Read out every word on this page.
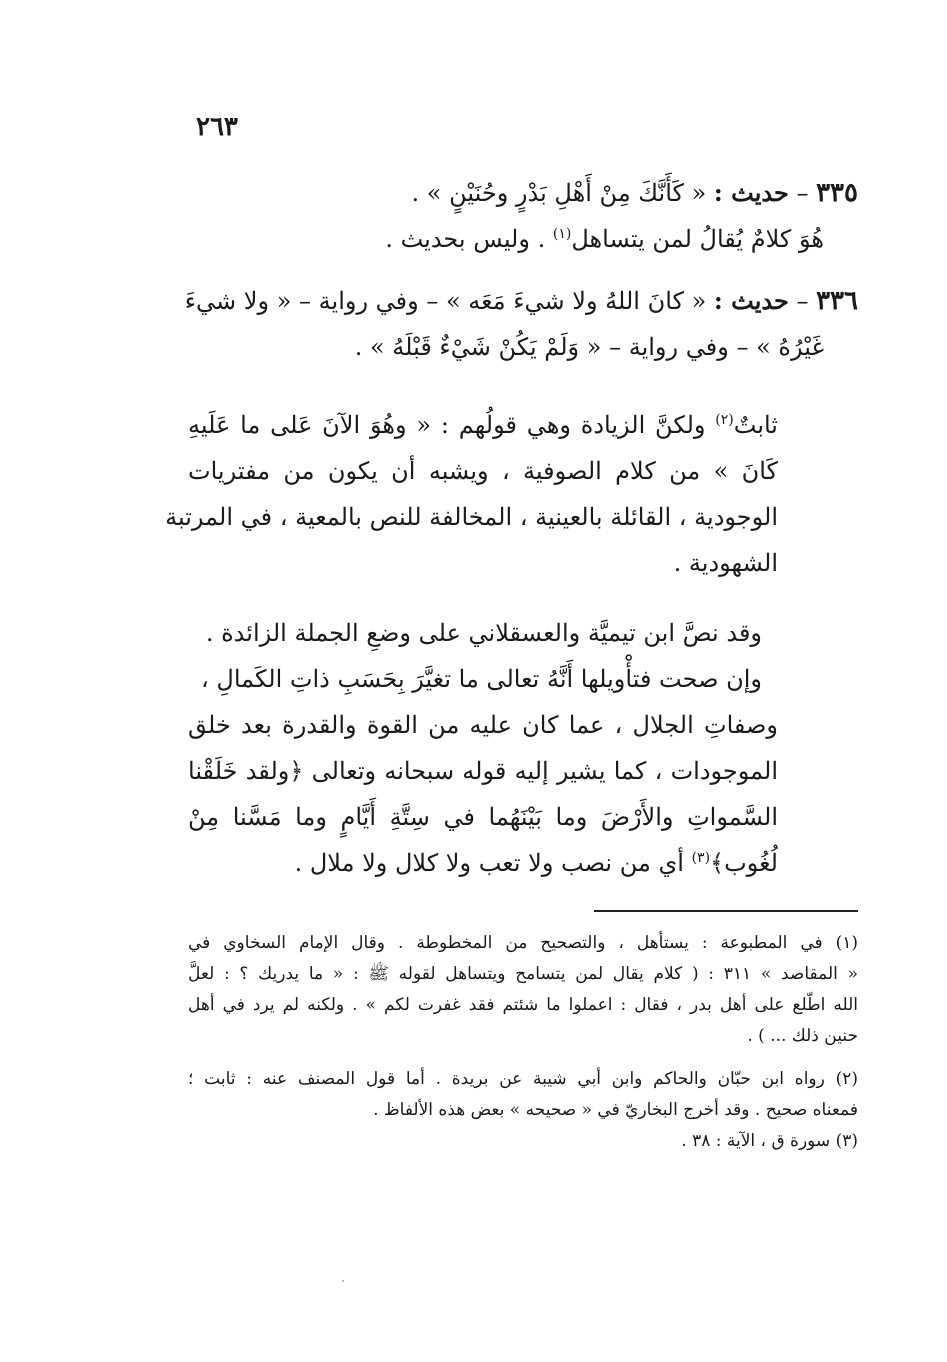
٢٦٣
٣٣٥ – حديث : « كَأَنَّكَ مِنْ أَهْلِ بَدْرٍ وحُنَيْنٍ » .
هُوَ كلامٌ يُقالُ لمن يتساهل$^{(١)}$ . وليس بحديث .
٣٣٦ – حديث : « كانَ اللهُ ولا شيءَ مَعَه » – وفي رواية – « ولا شيءَ
غَيْرُهُ » – وفي رواية – « وَلَمْ يَكُنْ شَيْءٌ قَبْلَهُ » .
ثابتٌ$^{(٢)}$ ولكنَّ الزيادة وهي قولُهم : « وهُوَ الآنَ عَلى ما عَلَيهِ
كَانَ » من كلام الصوفية ، ويشبه أن يكون من مفتريات
الوجودية ، القائلة بالعينية ، المخالفة للنص بالمعية ، في المرتبة
الشهودية .
وقد نصَّ ابن تيميَّة والعسقلاني على وضعِ الجملة الزائدة .
وإن صحت فتأْويلها أَنَّهُ تعالى ما تغيَّرَ بِحَسَبِ ذاتِ الكَمالِ ،
وصفاتِ الجلال ، عما كان عليه من القوة والقدرة بعد خلق
الموجودات ، كما يشير إليه قوله سبحانه وتعالى ﴿ولقد خَلَقْنا
السَّمواتِ والأَرْضَ وما بَيْنَهُما في سِتَّةِ أَيَّامٍ وما مَسَّنا مِنْ
لُغُوب﴾$^{(٣)}$ أي من نصب ولا تعب ولا كلال ولا ملال .
(١) في المطبوعة : يستأهل ، والتصحيح من المخطوطة . وقال الإمام السخاوي في
« المقاصد » ٣١١ : ( كلام يقال لمن يتسامح ويتساهل لقوله ﷺ : « ما يدريك ؟ : لعلَّ
الله اطّلع على أهل بدر ، فقال : اعملوا ما شئتم فقد غفرت لكم » . ولكنه لم يرد في أهل
حنين ذلك ... ) .
(٢) رواه ابن حبّان والحاكم وابن أبي شيبة عن بريدة . أما قول المصنف عنه : ثابت ؛
فمعناه صحيح . وقد أخرج البخاريّ في « صحيحه » بعض هذه الألفاظ .
(٣) سورة ق ، الآية : ٣٨ .
